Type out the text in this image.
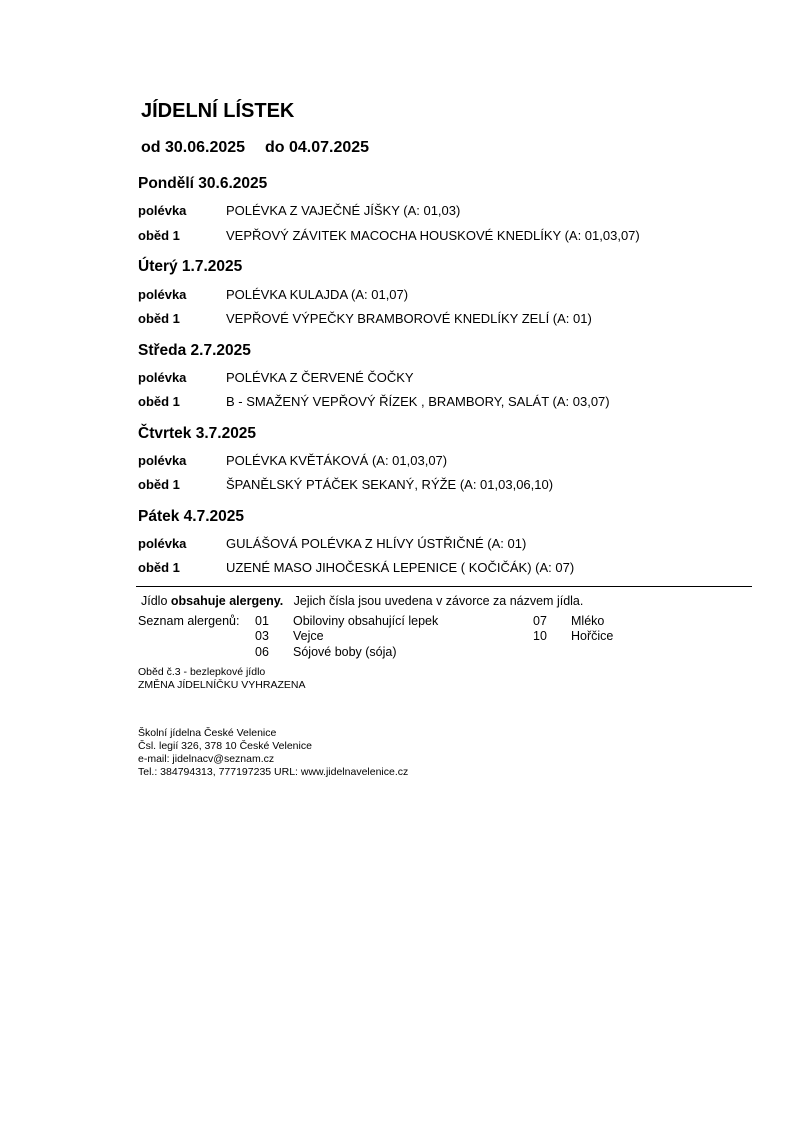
JÍDELNÍ LÍSTEK
od 30.06.2025 do 04.07.2025
Pondělí 30.6.2025
polévka	POLÉVKA Z VAJEČNÉ JÍŠKY (A: 01,03)
oběd 1	VEPŘOVÝ ZÁVITEK MACOCHA HOUSKOVÉ KNEDLÍKY (A: 01,03,07)
Úterý 1.7.2025
polévka	POLÉVKA KULAJDA (A: 01,07)
oběd 1	VEPŘOVÉ VÝPEČKY BRAMBOROVÉ KNEDLÍKY ZELÍ (A: 01)
Středa 2.7.2025
polévka	POLÉVKA Z ČERVENÉ ČOČKY
oběd 1	B - SMAŽENÝ VEPŘOVÝ ŘÍZEK , BRAMBORY, SALÁT (A: 03,07)
Čtvrtek 3.7.2025
polévka	POLÉVKA KVĚTÁKOVÁ (A: 01,03,07)
oběd 1	ŠPANĚLSKÝ PTÁČEK SEKANÝ, RÝŽE (A: 01,03,06,10)
Pátek 4.7.2025
polévka	GULÁŠOVÁ POLÉVKA Z HLÍVY ÚSTŘIČNÉ (A: 01)
oběd 1	UZENÉ MASO JIHOČESKÁ LEPENICE ( KOČIČÁK) (A: 07)
Jídlo obsahuje alergeny.   Jejich čísla jsou uvedena v závorce za názvem jídla.
Seznam alergenů: 01 Obiloviny obsahující lepek
03 Vejce
06 Sójové boby (sója)
07 Mléko
10 Hořčice
Oběd č.3 - bezlepkové jídlo
ZMĚNA JÍDELNÍČKU VYHRAZENA
Školní jídelna České Velenice
Čsl. legií 326, 378 10 České Velenice
e-mail: jidelnacv@seznam.cz
Tel.: 384794313, 777197235 URL: www.jidelnavelenice.cz
